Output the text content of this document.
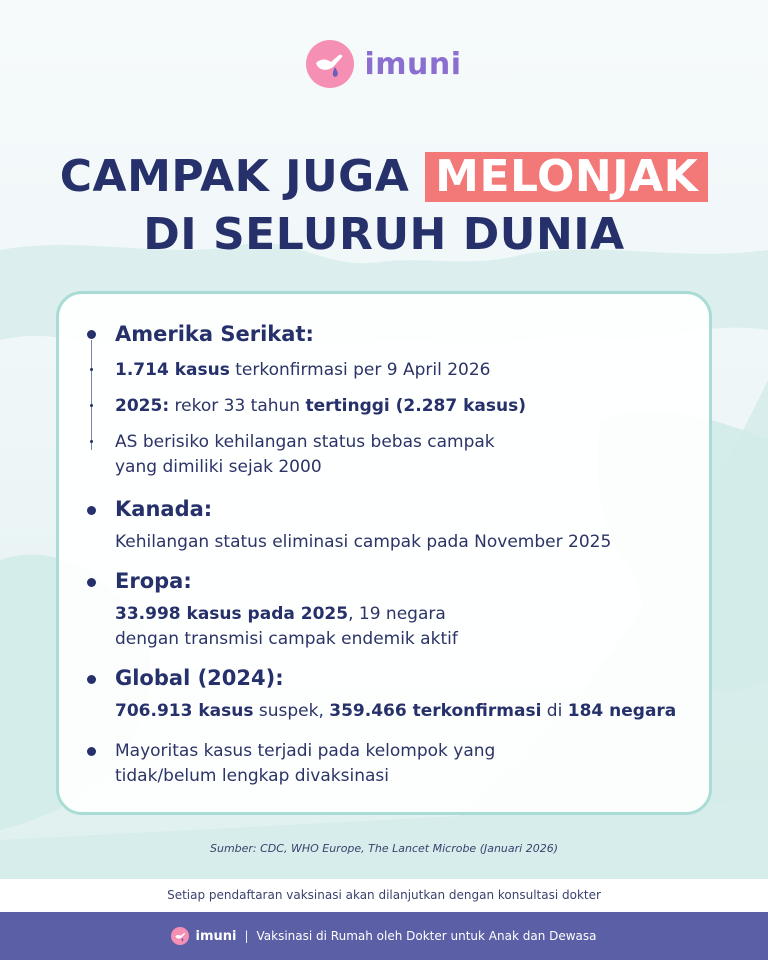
imuni
CAMPAK JUGA MELONJAK
DI SELURUH DUNIA
Amerika Serikat:
1.714 kasus terkonfirmasi per 9 April 2026
2025: rekor 33 tahun tertinggi (2.287 kasus)
AS berisiko kehilangan status bebas campak
yang dimiliki sejak 2000
Kanada:
Kehilangan status eliminasi campak pada November 2025
Eropa:
33.998 kasus pada 2025, 19 negara
dengan transmisi campak endemik aktif
Global (2024):
706.913 kasus suspek, 359.466 terkonfirmasi di 184 negara
Mayoritas kasus terjadi pada kelompok yang
tidak/belum lengkap divaksinasi
Sumber: CDC, WHO Europe, The Lancet Microbe (Januari 2026)
Setiap pendaftaran vaksinasi akan dilanjutkan dengan konsultasi dokter
imuni | Vaksinasi di Rumah oleh Dokter untuk Anak dan Dewasa
